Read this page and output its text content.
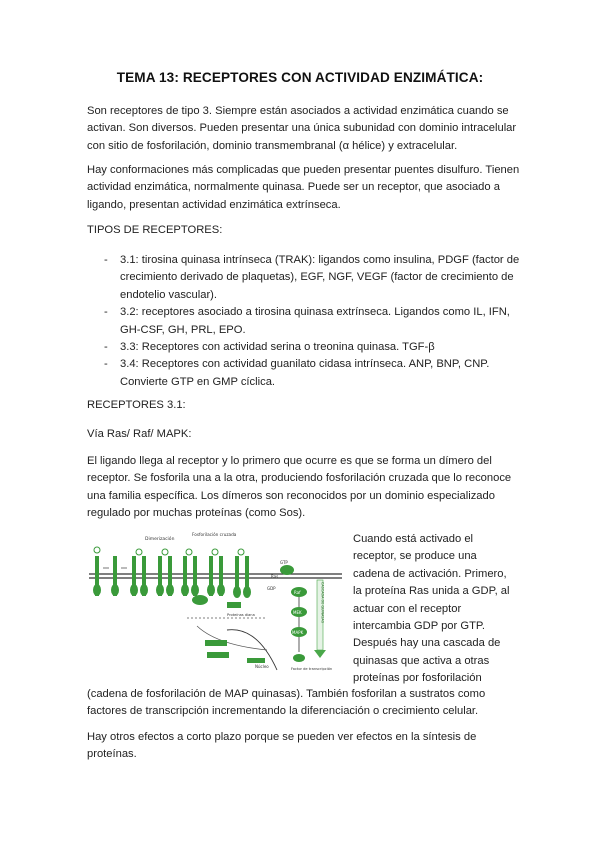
TEMA 13: RECEPTORES CON ACTIVIDAD ENZIMÁTICA:

Son receptores de tipo 3. Siempre están asociados a actividad enzimática cuando se
activan. Son diversos. Pueden presentar una única subunidad con dominio intracelular
con sitio de fosforilación, dominio transmembranal (α hélice) y extracelular.

Hay conformaciones más complicadas que pueden presentar puentes disulfuro. Tienen
actividad enzimática, normalmente quinasa. Puede ser un receptor, que asociado a
ligando, presentan actividad enzimática extrínseca.

TIPOS DE RECEPTORES:

- 3.1: tirosina quinasa intrínseca (TRAK): ligandos como insulina, PDGF (factor de
crecimiento derivado de plaquetas), EGF, NGF, VEGF (factor de crecimiento de
endotelio vascular).
- 3.2: receptores asociado a tirosina quinasa extrínseca. Ligandos como IL, IFN,
GH-CSF, GH, PRL, EPO.
- 3.3: Receptores con actividad serina o treonina quinasa. TGF-β
- 3.4: Receptores con actividad guanilato cidasa intrínseca. ANP, BNP, CNP.
Convierte GTP en GMP cíclica.

RECEPTORES 3.1:

Vía Ras/ Raf/ MAPK:

El ligando llega al receptor y lo primero que ocurre es que se forma un dímero del
receptor. Se fosforila una a la otra, produciendo fosforilación cruzada que lo reconoce
una familia específica. Los dímeros son reconocidos por un dominio especializado
regulado por muchas proteínas (como Sos).

Dimerización
Fosforilación cruzada
GTP
Raf
MEK
MAPK
Factor de transcripción
CASCADA DE QUINASAS
Núcleo
Proteínas diana
GDP
Ras

Cuando está activado el
receptor, se produce una
cadena de activación. Primero,
la proteína Ras unida a GDP, al
actuar con el receptor
intercambia GDP por GTP.
Después hay una cascada de
quinasas que activa a otras
proteínas por fosforilación

(cadena de fosforilación de MAP quinasas). También fosforilan a sustratos como
factores de transcripción incrementando la diferenciación o crecimiento celular.

Hay otros efectos a corto plazo porque se pueden ver efectos en la síntesis de
proteínas.
